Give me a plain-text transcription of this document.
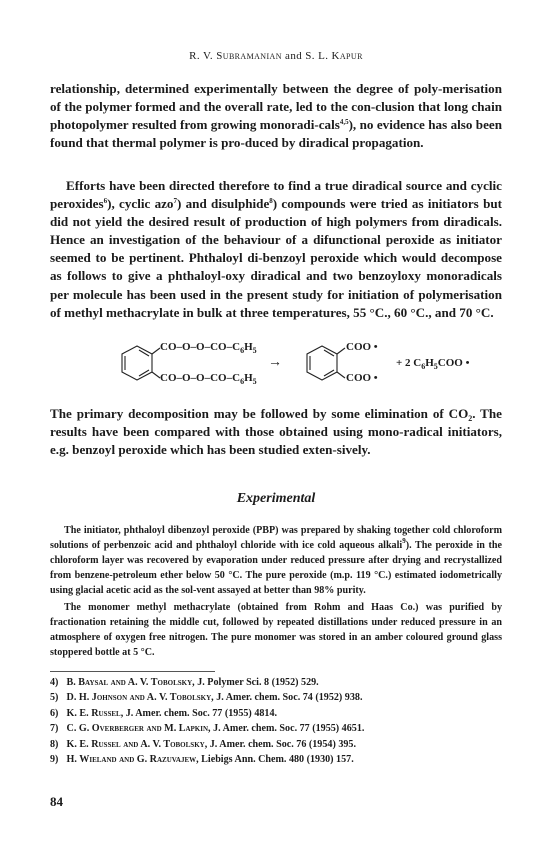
R. V. Subramanian and S. L. Kapur

relationship, determined experimentally between the degree of poly-merisation of the polymer formed and the overall rate, led to the con-clusion that long chain photopolymer resulted from growing monoradi-cals$^{4,5}$), no evidence has also been found that thermal polymer is pro-duced by diradical propagation.

Efforts have been directed therefore to find a true diradical source and cyclic peroxides$^6$), cyclic azo$^7$) and disulphide$^8$) compounds were tried as initiators but did not yield the desired result of production of high polymers from diradicals. Hence an investigation of the behaviour of a difunctional peroxide as initiator seemed to be pertinent. Phthaloyl di-benzoyl peroxide which would decompose as follows to give a phthaloyl-oxy diradical and two benzoyloxy monoradicals per molecule has been used in the present study for initiation of polymerisation of methyl methacrylate in bulk at three temperatures, 55 °C., 60 °C., and 70 °C.

$CO-O-O-CO-C_6H_5$
$CO-O-O-CO-C_6H_5$
→
COO •
COO •
+ 2 $C_6H_5COO$ •

The primary decomposition may be followed by some elimination of $CO_2$. The results have been compared with those obtained using mono-radical initiators, e.g. benzoyl peroxide which has been studied exten-sively.

Experimental

The initiator, phthaloyl dibenzoyl peroxide (PBP) was prepared by shaking together cold chloroform solutions of perbenzoic acid and phthaloyl chloride with ice cold aqueous alkali$^9$). The peroxide in the chloroform layer was recovered by evaporation under reduced pressure after drying and recrystallized from benzene-petroleum ether below 50 °C. The pure peroxide (m.p. 119 °C.) estimated iodometrically using glacial acetic acid as the sol-vent assayed at better than 98% purity.

The monomer methyl methacrylate (obtained from Rohm and Haas Co.) was purified by fractionation retaining the middle cut, followed by repeated distillations under reduced pressure in an atmosphere of oxygen free nitrogen. The pure monomer was stored in an amber coloured ground glass stoppered bottle at 5 °C.

4) B. Baysal and A. V. Tobolsky, J. Polymer Sci. 8 (1952) 529.
5) D. H. Johnson and A. V. Tobolsky, J. Amer. chem. Soc. 74 (1952) 938.
6) K. E. Russel, J. Amer. chem. Soc. 77 (1955) 4814.
7) C. G. Overberger and M. Lapkin, J. Amer. chem. Soc. 77 (1955) 4651.
8) K. E. Russel and A. V. Tobolsky, J. Amer. chem. Soc. 76 (1954) 395.
9) H. Wieland and G. Razuvajew, Liebigs Ann. Chem. 480 (1930) 157.
84
